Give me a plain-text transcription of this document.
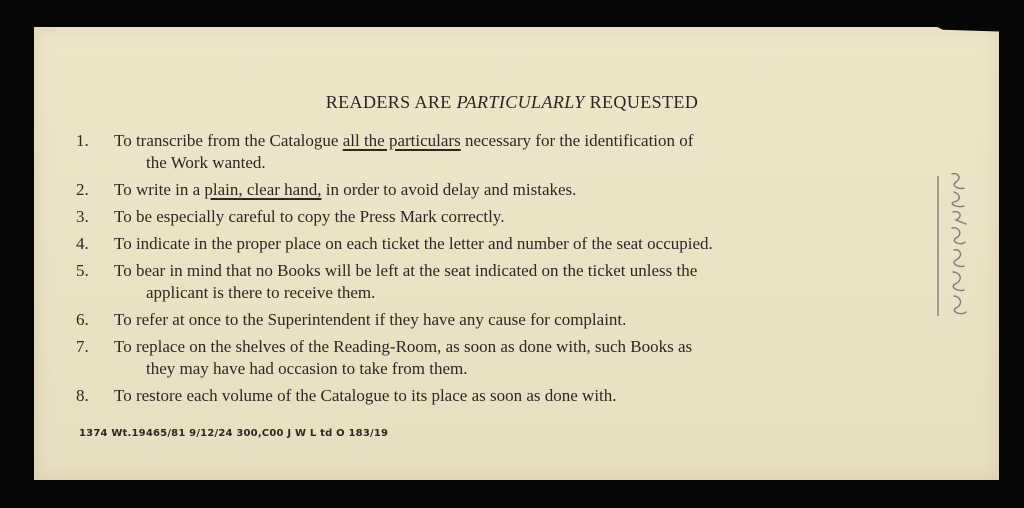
READERS ARE PARTICULARLY REQUESTED
1.	To transcribe from the Catalogue all the particulars necessary for the identification of
the Work wanted.
2.	To write in a plain, clear hand, in order to avoid delay and mistakes.
3.	To be especially careful to copy the Press Mark correctly.
4.	To indicate in the proper place on each ticket the letter and number of the seat occupied.
5.	To bear in mind that no Books will be left at the seat indicated on the ticket unless the
applicant is there to receive them.
6.	To refer at once to the Superintendent if they have any cause for complaint.
7.	To replace on the shelves of the Reading-Room, as soon as done with, such Books as
they may have had occasion to take from them.
8.	To restore each volume of the Catalogue to its place as soon as done with.
1374 Wt.19465/81 9/12/24 300,C00 J W L td O 183/19
